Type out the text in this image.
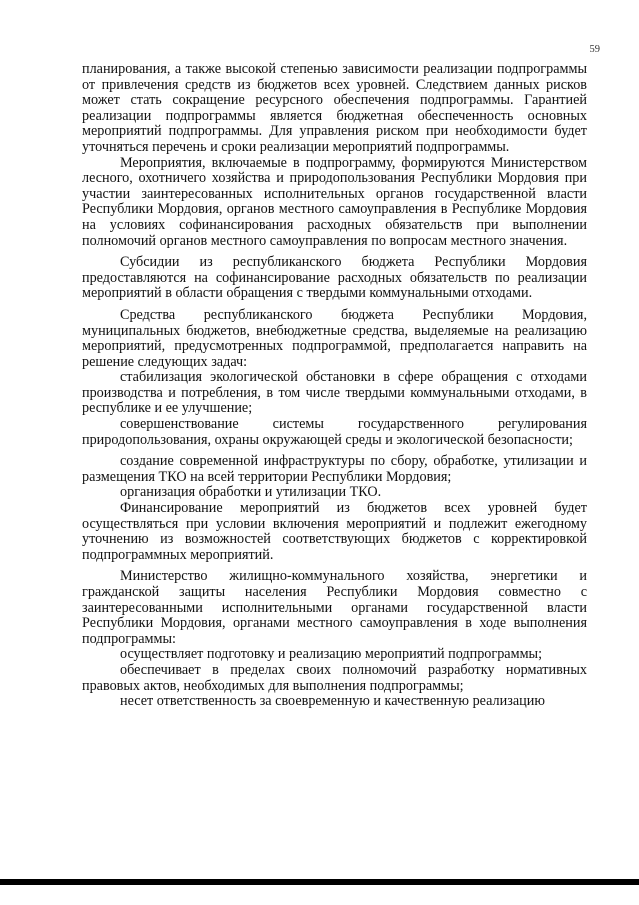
59

планирования, а также высокой степенью зависимости реализации подпрограммы от привлечения средств из бюджетов всех уровней. Следствием данных рисков может стать сокращение ресурсного обеспечения подпрограммы. Гарантией реализации подпрограммы является бюджетная обеспеченность основных мероприятий подпрограммы. Для управления риском при необходимости будет уточняться перечень и сроки реализации мероприятий подпрограммы.

Мероприятия, включаемые в подпрограмму, формируются Министерством лесного, охотничего хозяйства и природопользования Республики Мордовия при участии заинтересованных исполнительных органов государственной власти Республики Мордовия, органов местного самоуправления в Республике Мордовия на условиях софинансирования расходных обязательств при выполнении полномочий органов местного самоуправления по вопросам местного значения.

Субсидии из республиканского бюджета Республики Мордовия предоставляются на софинансирование расходных обязательств по реализации мероприятий в области обращения с твердыми коммунальными отходами.

Средства республиканского бюджета Республики Мордовия, муниципальных бюджетов, внебюджетные средства, выделяемые на реализацию мероприятий, предусмотренных подпрограммой, предполагается направить на решение следующих задач:

стабилизация экологической обстановки в сфере обращения с отходами производства и потребления, в том числе твердыми коммунальными отходами, в республике и ее улучшение;

совершенствование системы государственного регулирования природопользования, охраны окружающей среды и экологической безопасности;

создание современной инфраструктуры по сбору, обработке, утилизации и размещения ТКО на всей территории Республики Мордовия;

организация обработки и утилизации ТКО.

Финансирование мероприятий из бюджетов всех уровней будет осуществляться при условии включения мероприятий и подлежит ежегодному уточнению из возможностей соответствующих бюджетов с корректировкой подпрограммных мероприятий.

Министерство жилищно-коммунального хозяйства, энергетики и гражданской защиты населения Республики Мордовия совместно с заинтересованными исполнительными органами государственной власти Республики Мордовия, органами местного самоуправления в ходе выполнения подпрограммы:

осуществляет подготовку и реализацию мероприятий подпрограммы;

обеспечивает в пределах своих полномочий разработку нормативных правовых актов, необходимых для выполнения подпрограммы;

несет ответственность за своевременную и качественную реализацию
